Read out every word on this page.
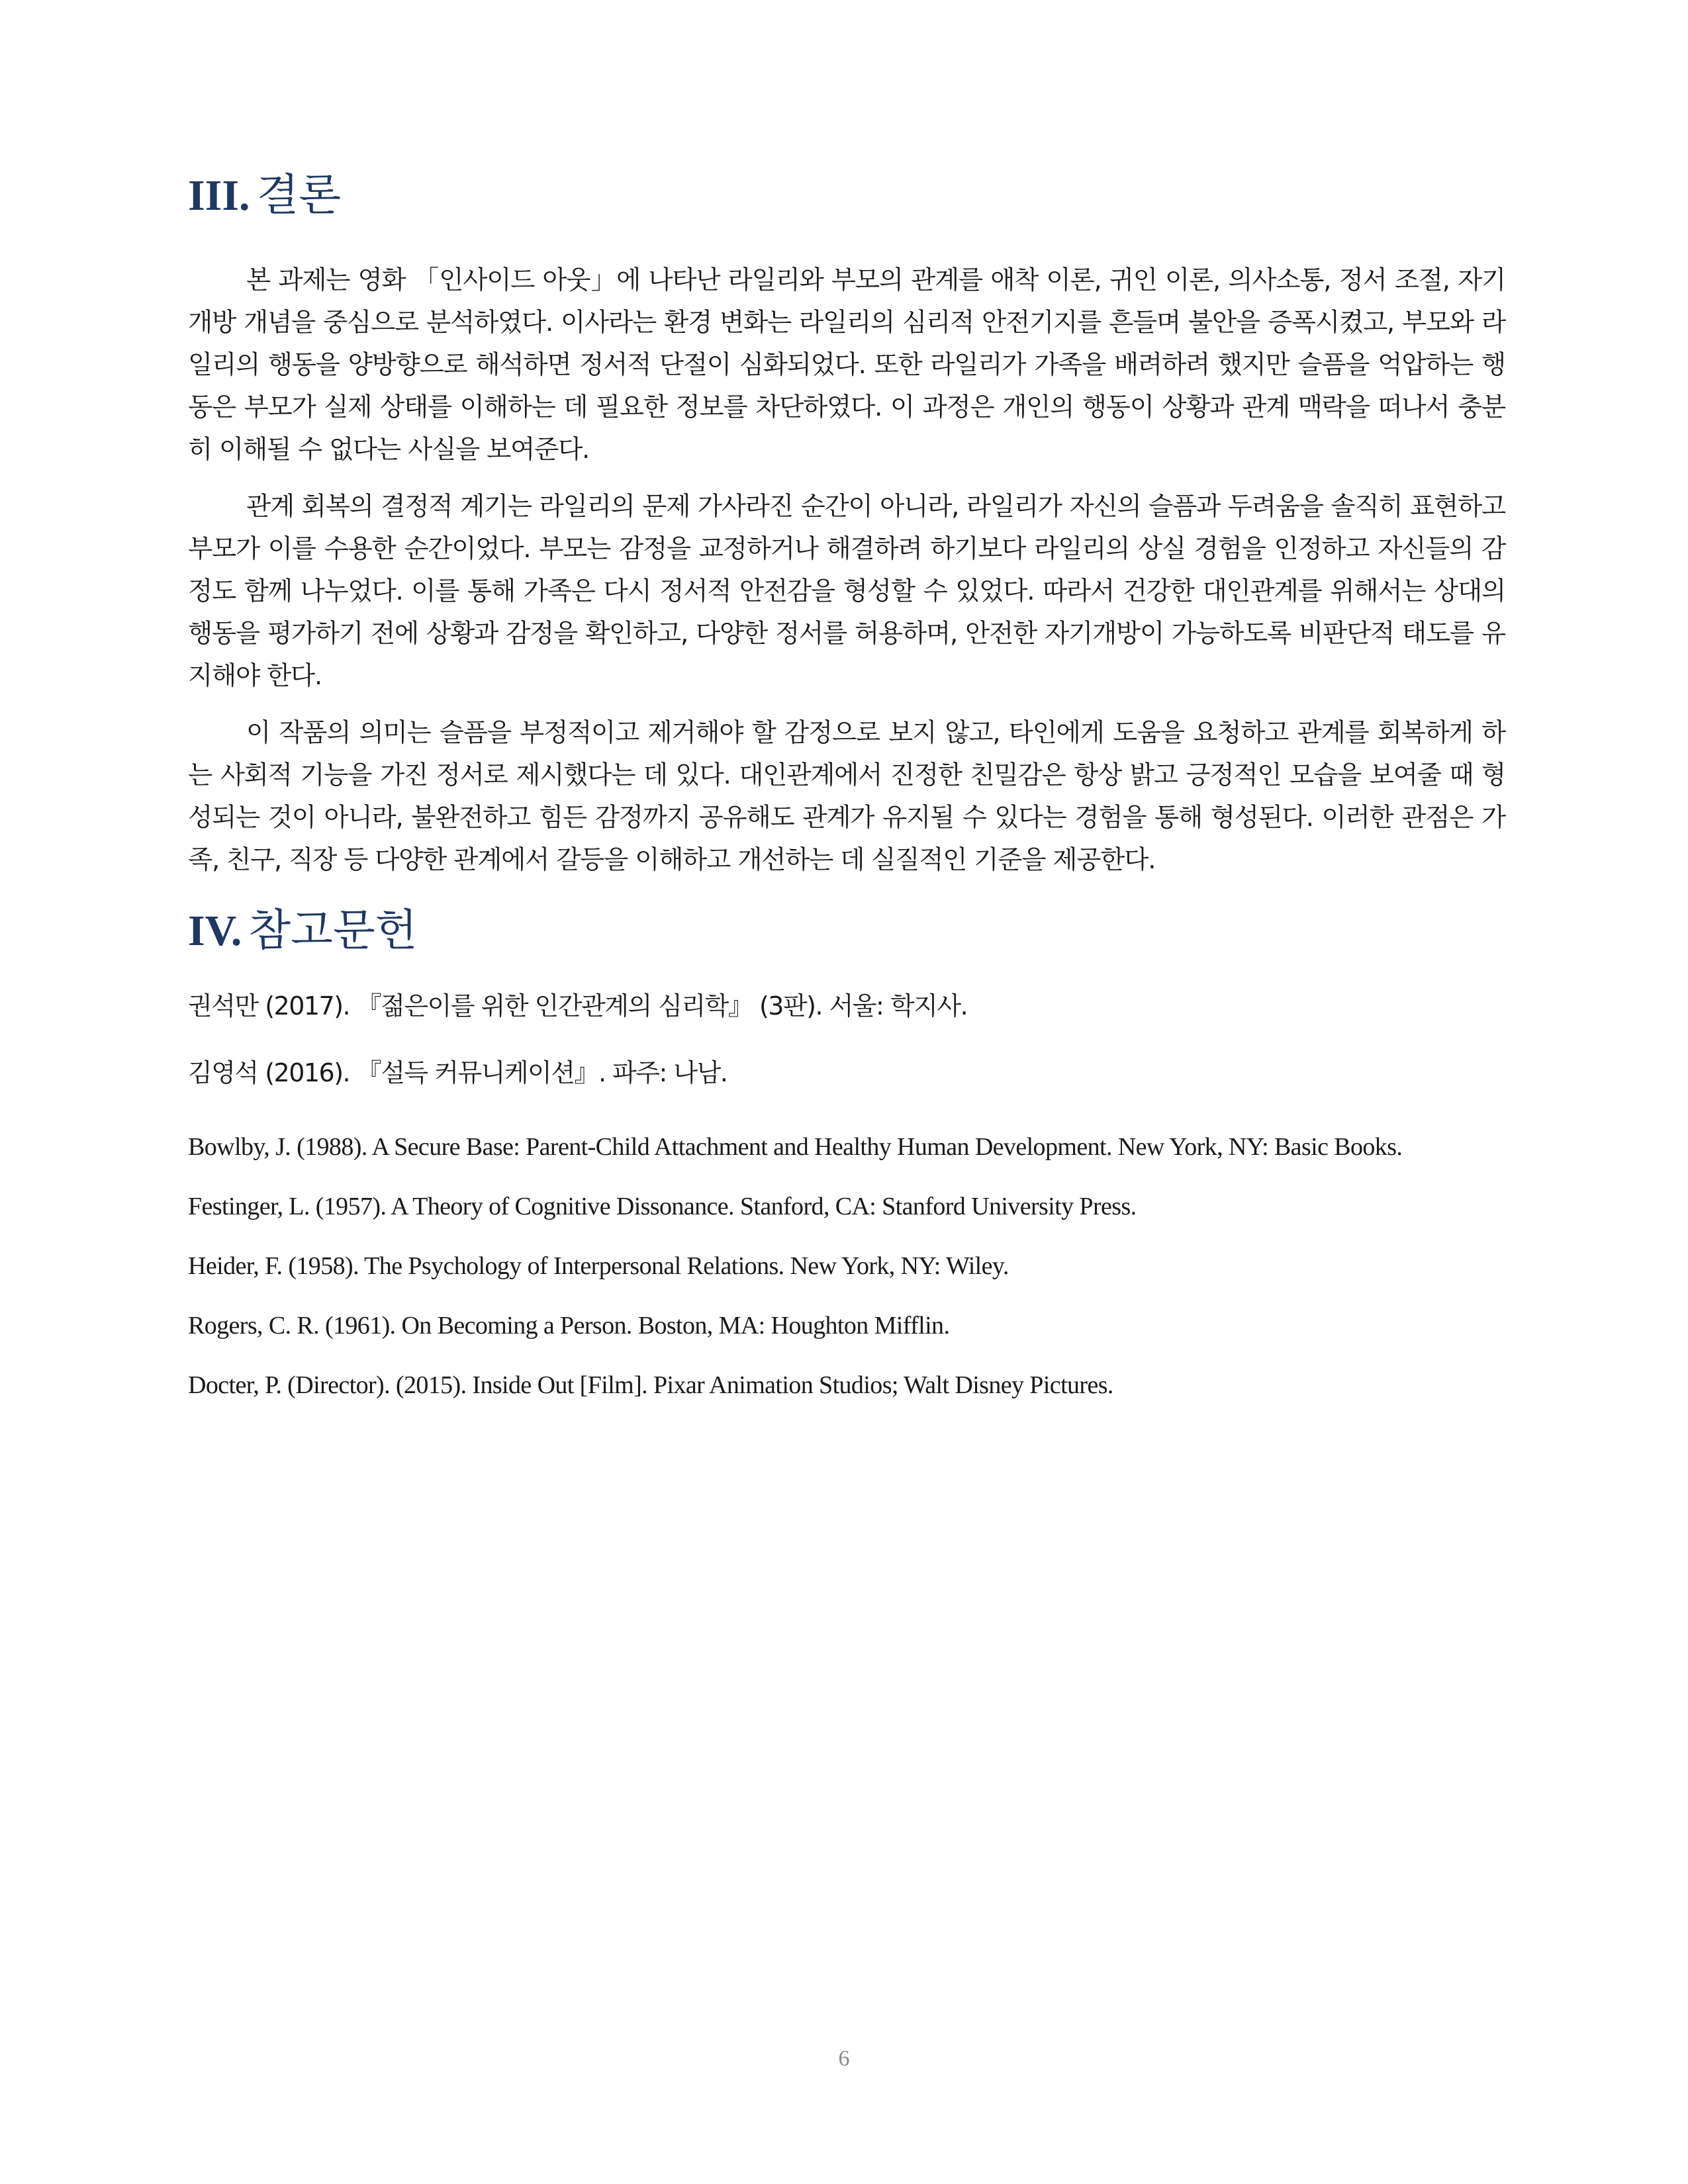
III. 결론

본 과제는 영화 「인사이드 아웃」에 나타난 라일리와 부모의 관계를 애착 이론, 귀인 이론, 의사소통, 정서 조절, 자기개방 개념을 중심으로 분석하였다. 이사라는 환경 변화는 라일리의 심리적 안전기지를 흔들며 불안을 증폭시켰고, 부모와 라일리의 행동을 양방향으로 해석하면 정서적 단절이 심화되었다. 또한 라일리가 가족을 배려하려 했지만 슬픔을 억압하는 행동은 부모가 실제 상태를 이해하는 데 필요한 정보를 차단하였다. 이 과정은 개인의 행동이 상황과 관계 맥락을 떠나서 충분히 이해될 수 없다는 사실을 보여준다.

관계 회복의 결정적 계기는 라일리의 문제 가사라진 순간이 아니라, 라일리가 자신의 슬픔과 두려움을 솔직히 표현하고 부모가 이를 수용한 순간이었다. 부모는 감정을 교정하거나 해결하려 하기보다 라일리의 상실 경험을 인정하고 자신들의 감정도 함께 나누었다. 이를 통해 가족은 다시 정서적 안전감을 형성할 수 있었다. 따라서 건강한 대인관계를 위해서는 상대의 행동을 평가하기 전에 상황과 감정을 확인하고, 다양한 정서를 허용하며, 안전한 자기개방이 가능하도록 비판단적 태도를 유지해야 한다.

이 작품의 의미는 슬픔을 부정적이고 제거해야 할 감정으로 보지 않고, 타인에게 도움을 요청하고 관계를 회복하게 하는 사회적 기능을 가진 정서로 제시했다는 데 있다. 대인관계에서 진정한 친밀감은 항상 밝고 긍정적인 모습을 보여줄 때 형성되는 것이 아니라, 불완전하고 힘든 감정까지 공유해도 관계가 유지될 수 있다는 경험을 통해 형성된다. 이러한 관점은 가족, 친구, 직장 등 다양한 관계에서 갈등을 이해하고 개선하는 데 실질적인 기준을 제공한다.

IV. 참고문헌

권석만 (2017). 『젊은이를 위한 인간관계의 심리학』 (3판). 서울: 학지사.

김영석 (2016). 『설득 커뮤니케이션』. 파주: 나남.

Bowlby, J. (1988). A Secure Base: Parent-Child Attachment and Healthy Human Development. New York, NY: Basic Books.

Festinger, L. (1957). A Theory of Cognitive Dissonance. Stanford, CA: Stanford University Press.

Heider, F. (1958). The Psychology of Interpersonal Relations. New York, NY: Wiley.

Rogers, C. R. (1961). On Becoming a Person. Boston, MA: Houghton Mifflin.

Docter, P. (Director). (2015). Inside Out [Film]. Pixar Animation Studios; Walt Disney Pictures.

6
